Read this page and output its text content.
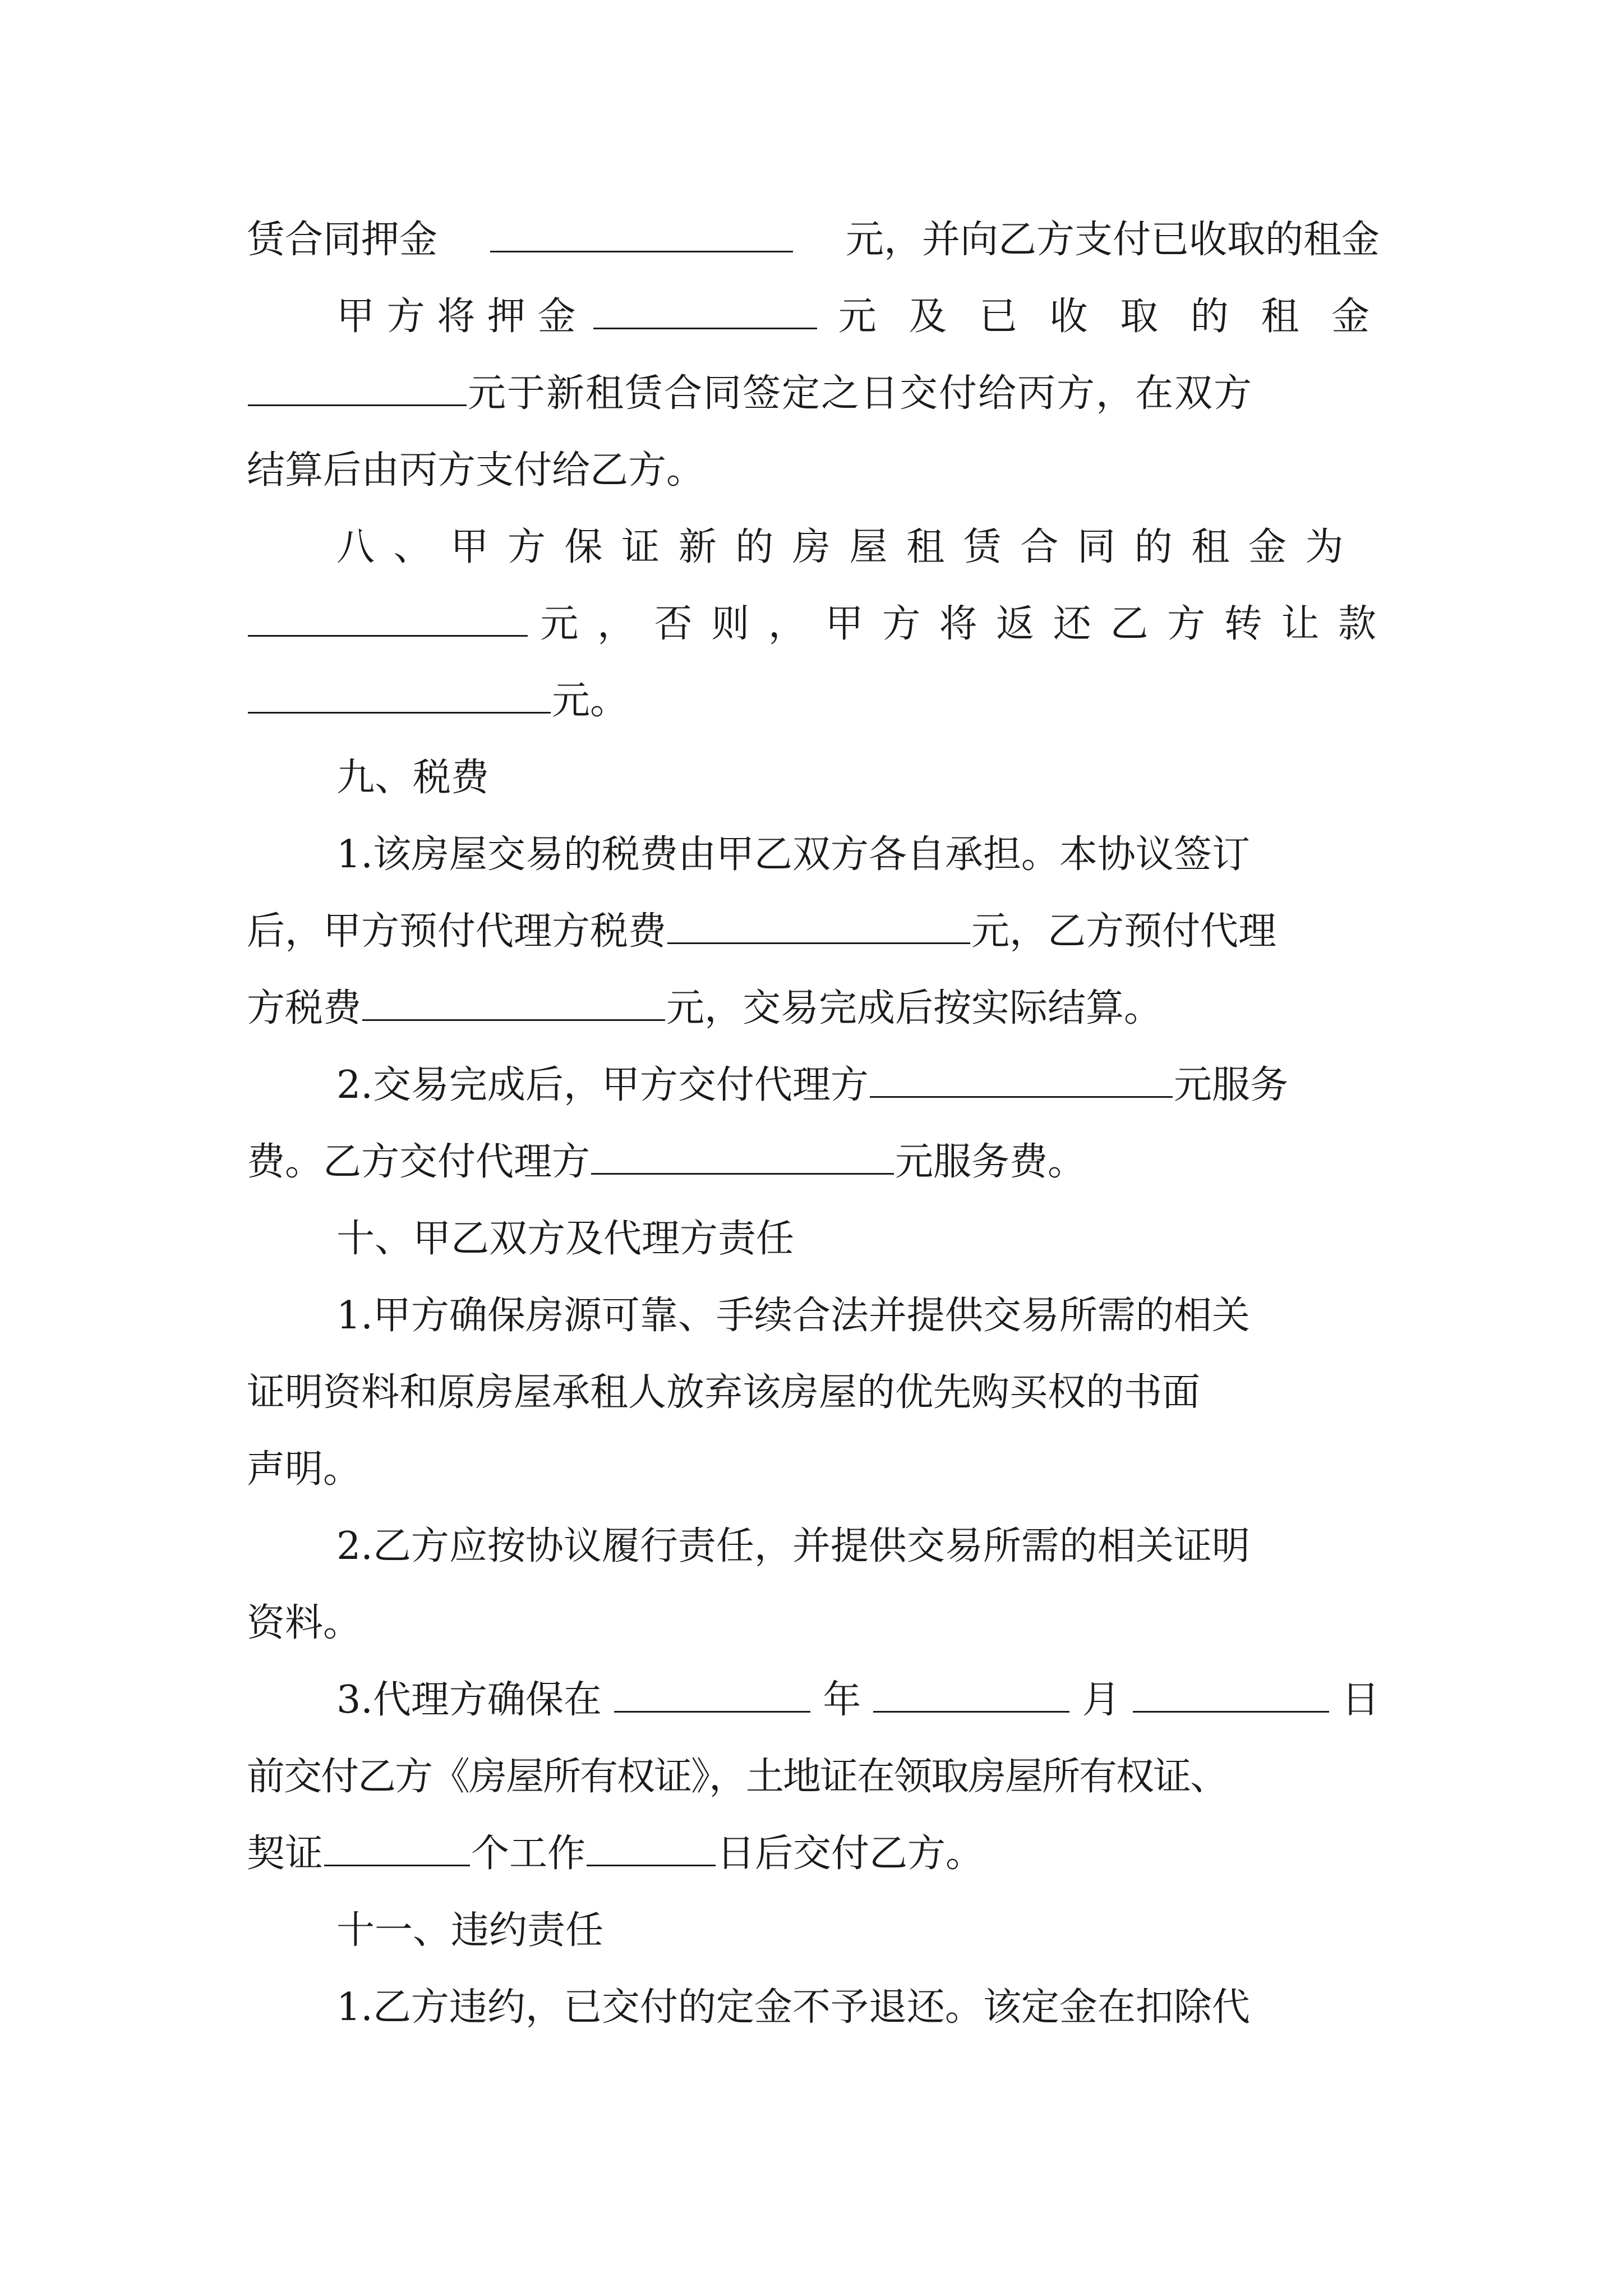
赁合同押金	元，并向乙方支付已收取的租金
甲 方 将 押 金	元 及 已 收 取 的 租 金
元于新租赁合同签定之日交付给丙方，在双方
结算后由丙方支付给乙方。
八 、 甲 方 保 证 新 的 房 屋 租 赁 合 同 的 租 金 为
元 ， 否 则 ， 甲 方 将 返 还 乙 方 转 让 款
元。
九、税费
1.该房屋交易的税费由甲乙双方各自承担。本协议签订
后，甲方预付代理方税费	元，乙方预付代理
方税费	元，交易完成后按实际结算。
2.交易完成后，甲方交付代理方	元服务
费。乙方交付代理方	元服务费。
十、甲乙双方及代理方责任
1.甲方确保房源可靠、手续合法并提供交易所需的相关
证明资料和原房屋承租人放弃该房屋的优先购买权的书面
声明。
2.乙方应按协议履行责任，并提供交易所需的相关证明
资料。
3.代理方确保在	年	月	日
前交付乙方《房屋所有权证》，土地证在领取房屋所有权证、
契证	个工作	日后交付乙方。
十一、违约责任
1.乙方违约，已交付的定金不予退还。该定金在扣除代
